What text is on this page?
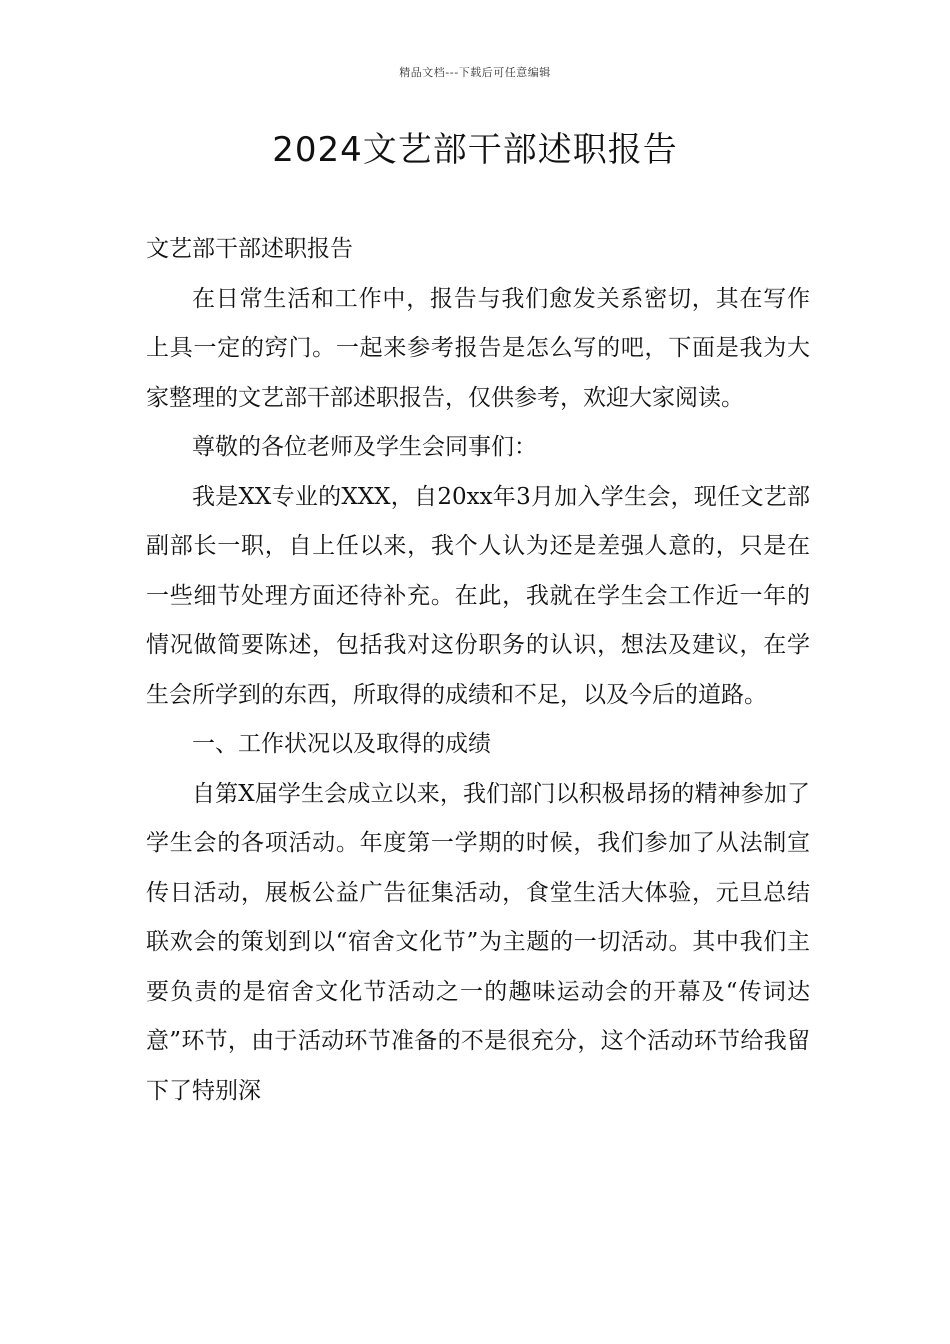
精品文档---下载后可任意编辑
2024文艺部干部述职报告

文艺部干部述职报告

在日常生活和工作中，报告与我们愈发关系密切，其在写作上具一定的窍门。一起来参考报告是怎么写的吧，下面是我为大家整理的文艺部干部述职报告，仅供参考，欢迎大家阅读。

尊敬的各位老师及学生会同事们：

我是XX专业的XXX，自20xx年3月加入学生会，现任文艺部副部长一职，自上任以来，我个人认为还是差强人意的，只是在一些细节处理方面还待补充。在此，我就在学生会工作近一年的情况做简要陈述，包括我对这份职务的认识，想法及建议，在学生会所学到的东西，所取得的成绩和不足，以及今后的道路。

一、工作状况以及取得的成绩

自第X届学生会成立以来，我们部门以积极昂扬的精神参加了学生会的各项活动。年度第一学期的时候，我们参加了从法制宣传日活动，展板公益广告征集活动，食堂生活大体验，元旦总结联欢会的策划到以“宿舍文化节”为主题的一切活动。其中我们主要负责的是宿舍文化节活动之一的趣味运动会的开幕及“传词达意”环节，由于活动环节准备的不是很充分，这个活动环节给我留下了特别深
